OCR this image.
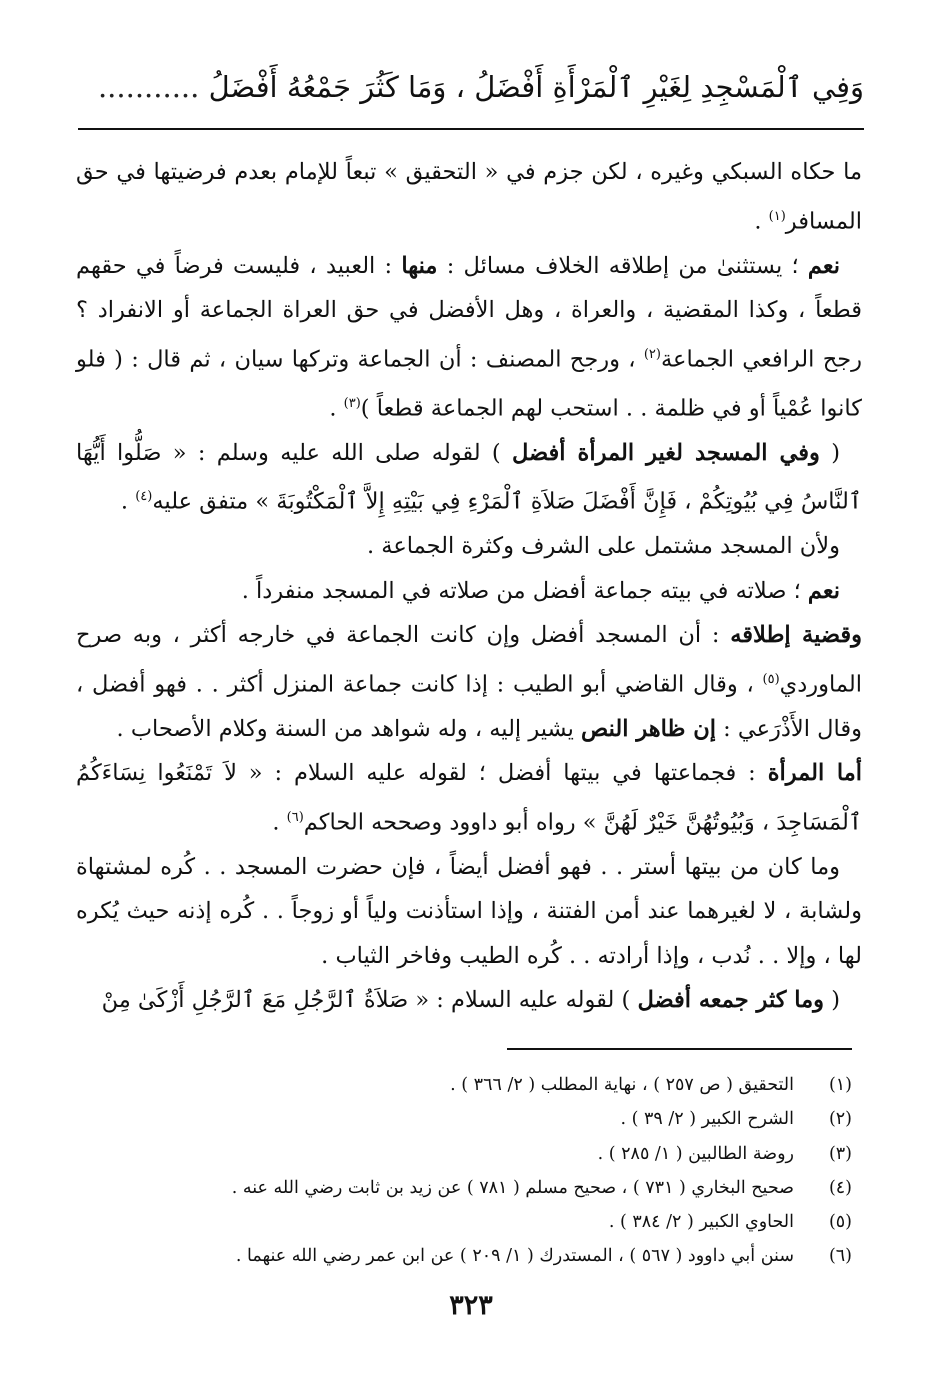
وَفِي ٱلْمَسْجِدِ لِغَيْرِ ٱلْمَرْأَةِ أَفْضَلُ ، وَمَا كَثُرَ جَمْعُهُ أَفْضَلُ ...........

ما حكاه السبكي وغيره ، لكن جزم في « التحقيق » تبعاً للإمام بعدم فرضيتها في حق المسافر$^{(١)}$ .

نعم ؛ يستثنىٰ من إطلاقه الخلاف مسائل : منها : العبيد ، فليست فرضاً في حقهم قطعاً ، وكذا المقضية ، والعراة ، وهل الأفضل في حق العراة الجماعة أو الانفراد ؟ رجح الرافعي الجماعة$^{(٢)}$ ، ورجح المصنف : أن الجماعة وتركها سيان ، ثم قال : ( فلو كانوا عُمْياً أو في ظلمة . . استحب لهم الجماعة قطعاً )$^{(٣)}$ .

( وفي المسجد لغير المرأة أفضل ) لقوله صلى الله عليه وسلم : « صَلُّوا أَيُّهَا ٱلنَّاسُ فِي بُيُوتِكُمْ ، فَإِنَّ أَفْضَلَ صَلاَةِ ٱلْمَرْءِ فِي بَيْتِهِ إِلاَّ ٱلْمَكْتُوبَةَ » متفق عليه$^{(٤)}$ .

ولأن المسجد مشتمل على الشرف وكثرة الجماعة .

نعم ؛ صلاته في بيته جماعة أفضل من صلاته في المسجد منفرداً .

وقضية إطلاقه : أن المسجد أفضل وإن كانت الجماعة في خارجه أكثر ، وبه صرح الماوردي$^{(٥)}$ ، وقال القاضي أبو الطيب : إذا كانت جماعة المنزل أكثر . . فهو أفضل ، وقال الأَذْرَعي : إن ظاهر النص يشير إليه ، وله شواهد من السنة وكلام الأصحاب .

أما المرأة : فجماعتها في بيتها أفضل ؛ لقوله عليه السلام : « لاَ تَمْنَعُوا نِسَاءَكُمُ ٱلْمَسَاجِدَ ، وَبُيُوتُهُنَّ خَيْرٌ لَهُنَّ » رواه أبو داوود وصححه الحاكم$^{(٦)}$ .

وما كان من بيتها أستر . . فهو أفضل أيضاً ، فإن حضرت المسجد . . كُره لمشتهاة ولشابة ، لا لغيرهما عند أمن الفتنة ، وإذا استأذنت ولياً أو زوجاً . . كُره إذنه حيث يُكره لها ، وإلا . . نُدب ، وإذا أرادته . . كُره الطيب وفاخر الثياب .

( وما كثر جمعه أفضل ) لقوله عليه السلام : « صَلاَةُ ٱلرَّجُلِ مَعَ ٱلرَّجُلِ أَزْكَىٰ مِنْ

(١)التحقيق ( ص ٢٥٧ ) ، نهاية المطلب ( ٢/ ٣٦٦ ) .
(٢)الشرح الكبير ( ٢/ ٣٩ ) .
(٣)روضة الطالبين ( ١/ ٢٨٥ ) .
(٤)صحيح البخاري ( ٧٣١ ) ، صحيح مسلم ( ٧٨١ ) عن زيد بن ثابت رضي الله عنه .
(٥)الحاوي الكبير ( ٢/ ٣٨٤ ) .
(٦)سنن أبي داوود ( ٥٦٧ ) ، المستدرك ( ١/ ٢٠٩ ) عن ابن عمر رضي الله عنهما .
٣٢٣
